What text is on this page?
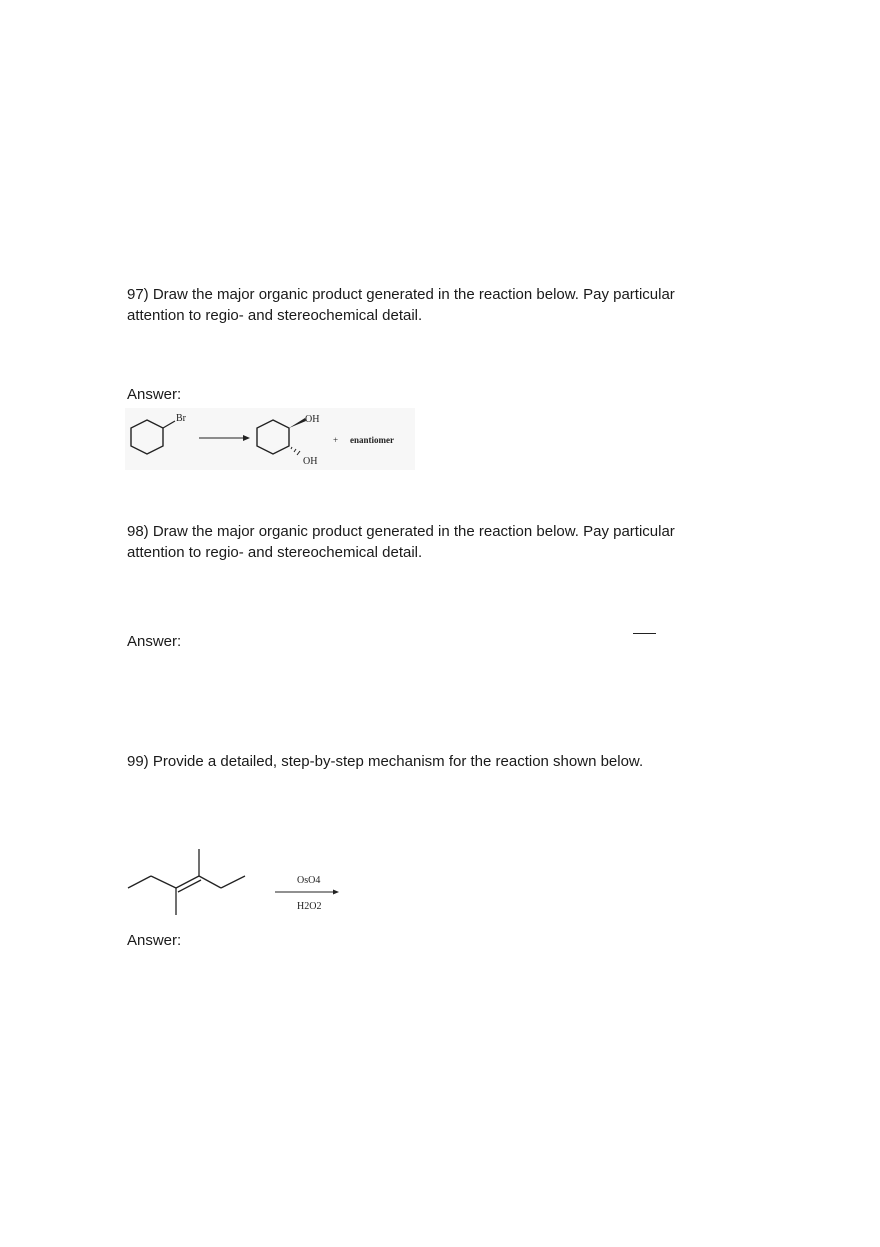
97) Draw the major organic product generated in the reaction below. Pay particular attention to regio- and stereochemical detail.

Answer:

Br	OH
OH
+ enantiomer

98) Draw the major organic product generated in the reaction below. Pay particular attention to regio- and stereochemical detail.

Answer:

99) Provide a detailed, step-by-step mechanism for the reaction shown below.

OsO4
H2O2

Answer:
